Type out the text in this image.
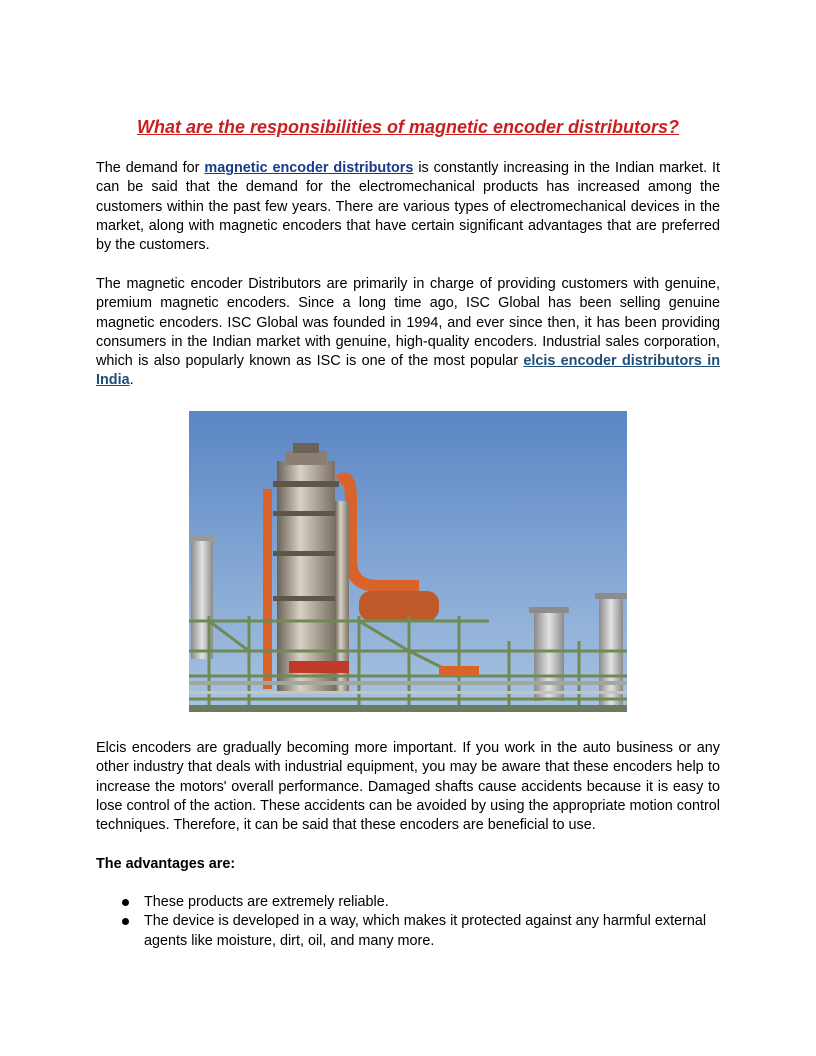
What are the responsibilities of magnetic encoder distributors?

The demand for magnetic encoder distributors is constantly increasing in the Indian market. It can be said that the demand for the electromechanical products has increased among the customers within the past few years. There are various types of electromechanical devices in the market, along with magnetic encoders that have certain significant advantages that are preferred by the customers.

The magnetic encoder Distributors are primarily in charge of providing customers with genuine, premium magnetic encoders. Since a long time ago, ISC Global has been selling genuine magnetic encoders. ISC Global was founded in 1994, and ever since then, it has been providing consumers in the Indian market with genuine, high-quality encoders. Industrial sales corporation, which is also popularly known as ISC is one of the most popular elcis encoder distributors in India.

Elcis encoders are gradually becoming more important. If you work in the auto business or any other industry that deals with industrial equipment, you may be aware that these encoders help to increase the motors' overall performance. Damaged shafts cause accidents because it is easy to lose control of the action. These accidents can be avoided by using the appropriate motion control techniques. Therefore, it can be said that these encoders are beneficial to use.

The advantages are:

These products are extremely reliable.
The device is developed in a way, which makes it protected against any harmful external agents like moisture, dirt, oil, and many more.
